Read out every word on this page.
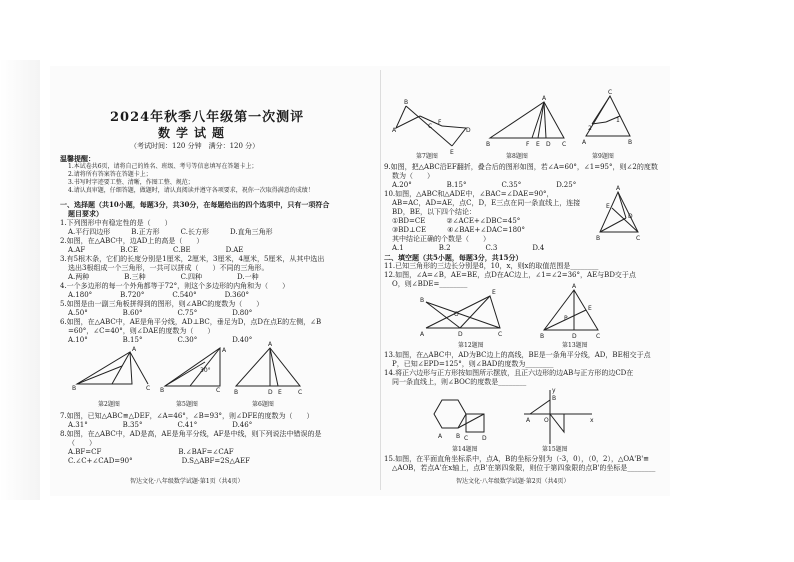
2024年秋季八年级第一次测评
数学试题
（考试时间：120 分钟　满分：120 分）
温馨提醒：
1.本试卷共6页，请将自己的姓名、班级、考号等信息填写在答题卡上；
2.请将所有答案答在答题卡上；
3.书写时字迹要工整、清晰，作图工整、规范；
4.请认真审题，仔细答题，做题时，请认真阅读并遵守各项要求，祝你一次取得满意的成绩！
一、选择题（共10小题，每题3分，共30分，在每题给出的四个选项中，只有一项符合
题目要求）
1.下列图形中有稳定性的是（　　）
A.平行四边形　　　B.正方形　　　C.长方形　　　D.直角三角形
2.如图，在△ABC中，边AD上的高是（　　）
A.AF　　　　　B.CE　　　　　C.BE　　　　　D.AE
3.有5根木条，它们的长度分别是1厘米，2厘米，3厘米，4厘米，5厘米，从其中选出
选出3根组成一个三角形，一共可以拼成（　　）不同的三角形。
A.两种　　　　　B.三种　　　　　C.四种　　　　　D.一种
4.一个多边形的每一个外角都等于72°，则这个多边形的内角和为（　　）
A.180°　　　　B.720°　　　　C.540°　　　　D.360°
5.如图是由一副三角板拼得到的图形，则∠ABC的度数为（　　）
A.50°　　　　　B.60°　　　　　C.75°　　　　　D.80°
6.如图，在△ABC中，AE是角平分线，AD⊥BC，垂足为D，点D在点E的左侧，∠B
=60°，∠C=40°，则∠DAE的度数为（　　）
A.10°　　　　　B.15°　　　　　C.30°　　　　　D.40°
B
A
C
A
B
30°
C
A
B	D E	C
第2题图	第5题图	第6题图
7.如图，已知△ABC≌△DEF，∠A=46°，∠B=93°，则∠DFE的度数为（　　）
A.31°　　　　　B.35°　　　　　C.41°　　　　　D.46°
8.如图，在△ABC中，AD是高，AE是角平分线，AF是中线，则下列说法中错误的是
（　　）
A.BF=CF　　　　　　　　　　　B.∠BAF=∠CAF
C.∠C+∠CAD=90°　　　　　　　D.S△ABF=2S△AEF
智达文化·八年级数学试题·第1页（共4页）
B
A
C
F
D
E
A
B	F E D C
C
A	B
1
2
第7题图	第8题图	第9题图
9.如图，把△ABC沿EF翻折，叠合后的图形如图，若∠A=60°，∠1=95°，则∠2的度数
数为（　　）
A.20°　　　　　B.15°　　　　　C.35°　　　　　D.25°
10.如图，△ABC和△ADE中，∠BAC=∠DAE=90°，
AB=AC，AD=AE，点C，D，E三点在同一条直线上，连接
BD，BE，以下四个结论：
①BD=CE　　　②∠ACE+∠DBC=45°
③BD⊥CE　　　④∠BAE+∠DAC=180°
其中结论正确的个数是（　　）
A.1　　　　　B.2　　　　　C.3　　　　　D.4
A
B	C
D
E
二、填空题（共5小题，每题3分，共15分）
11.已知三角形的三边长分别是8，10，x，则x的取值范围是________
12.如图，∠A=∠B，AE=BE，点D在AC边上，∠1=∠2=36°，AE与BD交于点
O，则∠BDE=________
E
B
A	D	C
O
A
B	D	C
E
P
第12题图	第13题图
13.如图，在△ABC中，AD为BC边上的高线，BE是一条角平分线，AD，BE相交于点
P，已知∠EPD=125°，则∠BAD的度数为________
14.将正六边形与正方形按如图所示摆放，且正六边形的边AB与正方形的边CD在
同一条直线上，则∠BOC的度数是________
A B C D
A
B
O	x
y
第14题图	第15题图
15.如图，在平面直角坐标系中，点A，B的坐标分别为（-3，0），（0，2），△OA'B'≌
△AOB，若点A'在x轴上，点B'在第四象限，则位于第四象限的点B'的坐标是________
智达文化·八年级数学试题·第2页（共4页）
